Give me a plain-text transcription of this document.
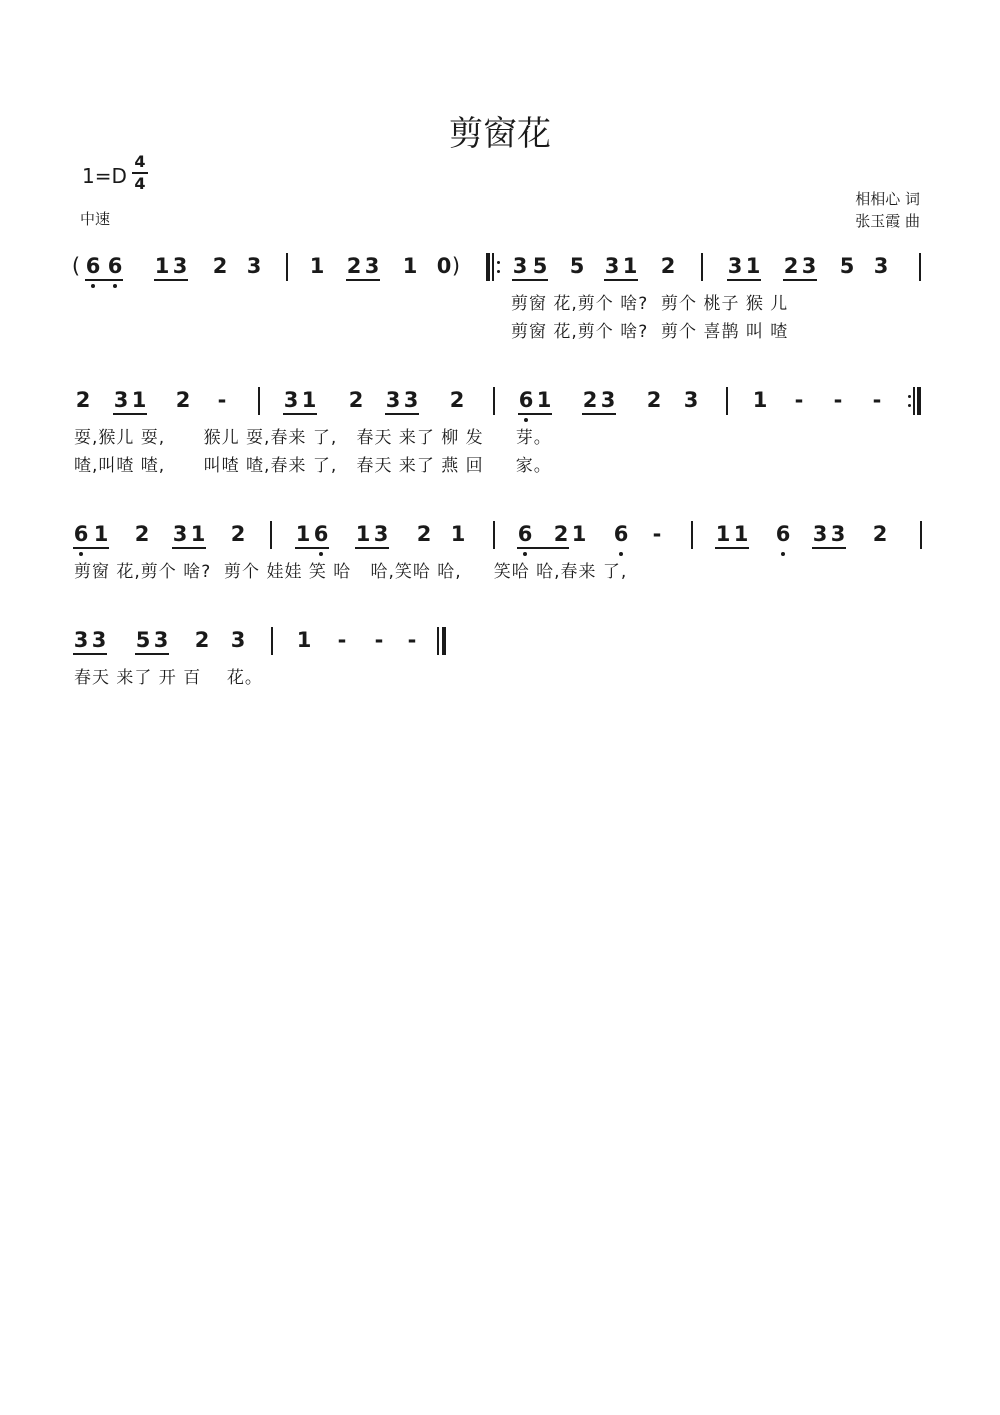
剪窗花
1=D
4
4
中速
相相心 词
张玉霞 曲
( 6 6 1 3 2 3 1 2 3 1 0 )	3 5 5 3 1 2 3 1 2 3 5 3
剪窗 花,剪个 啥?  剪个 桃子 猴 儿
剪窗 花,剪个 啥?  剪个 喜鹊 叫 喳
2 3 1 2 -	3 1 2 3 3 2	6 1 2 3 2 3	1 - - -
耍,猴儿 耍,      猴儿 耍,春来 了,   春天 来了 柳 发     芽。
喳,叫喳 喳,      叫喳 喳,春来 了,   春天 来了 燕 回     家。
6 1 2 3 1 2 1 6 1 3 2 1 6 2 1 6 -	1 1 6 3 3 2
剪窗 花,剪个 啥?  剪个 娃娃 笑 哈   哈,笑哈 哈,     笑哈 哈,春来 了,
3 3 5 3 2 3 1 - - -
春天 来了 开 百    花。
